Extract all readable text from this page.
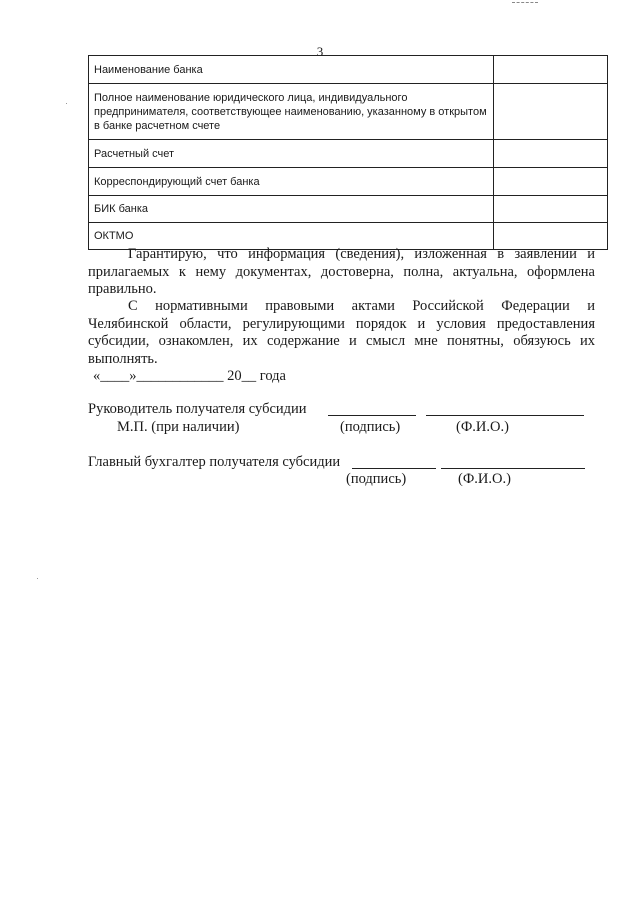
3
Наименование банка	
Полное наименование юридического лица, индивидуального предпринимателя, соответствующее наименованию, указанному в открытом в банке расчетном счете	
Расчетный счет	
Корреспондирующий счет банка	
БИК банка	
ОКТМО	

Гарантирую, что информация (сведения), изложенная в заявлении и прилагаемых к нему документах, достоверна, полна, актуальна, оформлена правильно.

С нормативными правовыми актами Российской Федерации и Челябинской области, регулирующими порядок и условия предоставления субсидии, ознакомлен, их содержание и смысл мне понятны, обязуюсь их выполнять.

«____»____________ 20__ года
Руководитель получателя субсидии
М.П. (при наличии)	(подпись)	(Ф.И.О.)
Главный бухгалтер получателя субсидии
(подпись)	(Ф.И.О.)
